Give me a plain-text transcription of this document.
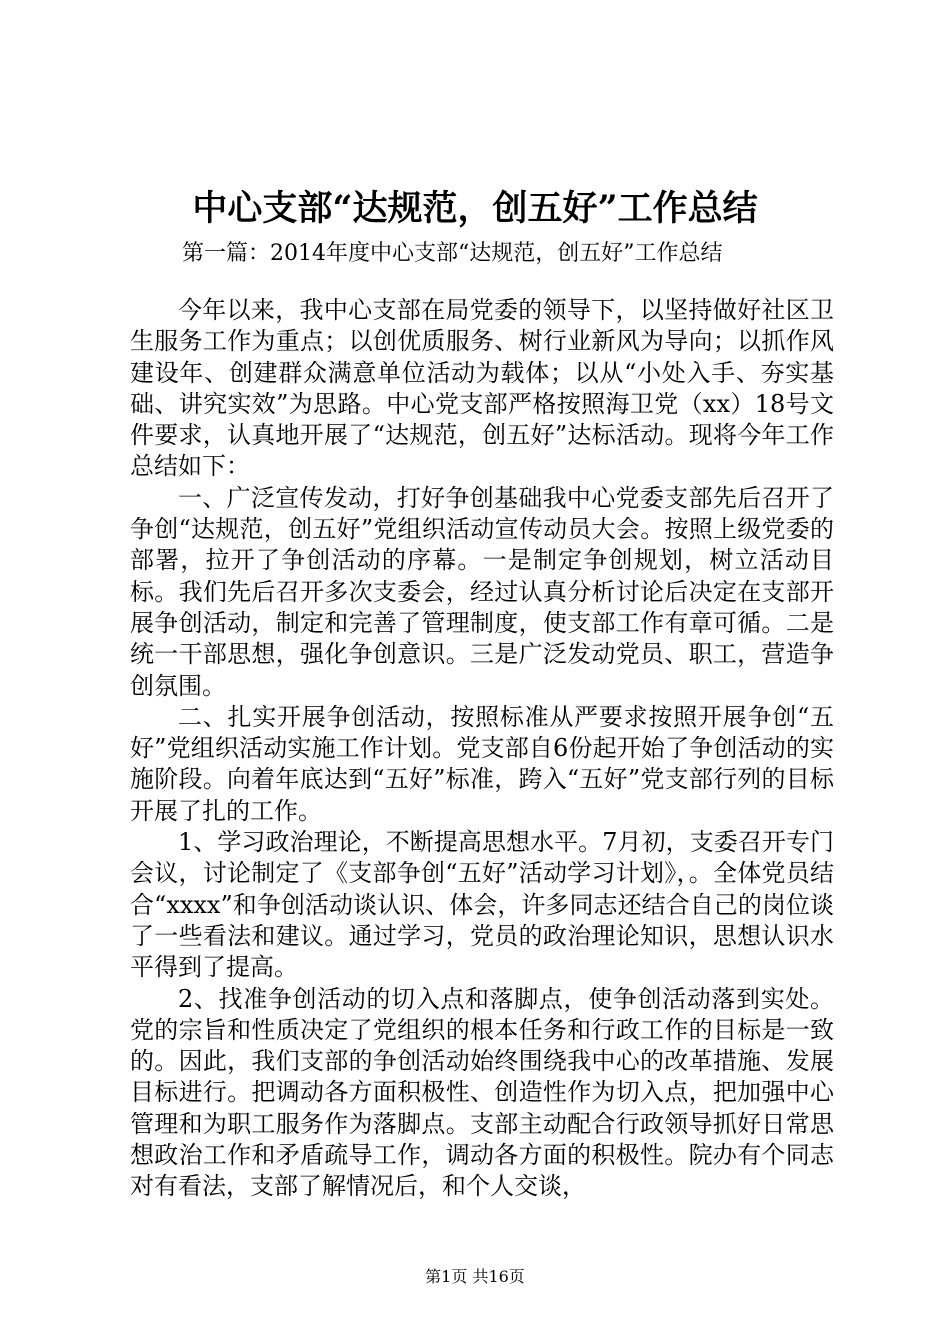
中心支部“达规范，创五好”工作总结
第一篇：2014年度中心支部“达规范，创五好”工作总结

今年以来，我中心支部在局党委的领导下，以坚持做好社区卫生服务工作为重点；以创优质服务、树行业新风为导向；以抓作风建设年、创建群众满意单位活动为载体；以从“小处入手、夯实基础、讲究实效”为思路。中心党支部严格按照海卫党（xx）18号文件要求，认真地开展了“达规范，创五好”达标活动。现将今年工作总结如下：

一、广泛宣传发动，打好争创基础我中心党委支部先后召开了争创“达规范，创五好”党组织活动宣传动员大会。按照上级党委的部署，拉开了争创活动的序幕。一是制定争创规划，树立活动目标。我们先后召开多次支委会，经过认真分析讨论后决定在支部开展争创活动，制定和完善了管理制度，使支部工作有章可循。二是统一干部思想，强化争创意识。三是广泛发动党员、职工，营造争创氛围。

二、扎实开展争创活动，按照标准从严要求按照开展争创“五好”党组织活动实施工作计划。党支部自6份起开始了争创活动的实施阶段。向着年底达到“五好”标准，跨入“五好”党支部行列的目标开展了扎的工作。

1、学习政治理论，不断提高思想水平。7月初，支委召开专门会议，讨论制定了《支部争创“五好”活动学习计划》，。全体党员结合“xxxx”和争创活动谈认识、体会，许多同志还结合自己的岗位谈了一些看法和建议。通过学习，党员的政治理论知识，思想认识水平得到了提高。

2、找准争创活动的切入点和落脚点，使争创活动落到实处。党的宗旨和性质决定了党组织的根本任务和行政工作的目标是一致的。因此，我们支部的争创活动始终围绕我中心的改革措施、发展目标进行。把调动各方面积极性、创造性作为切入点，把加强中心管理和为职工服务作为落脚点。支部主动配合行政领导抓好日常思想政治工作和矛盾疏导工作，调动各方面的积极性。院办有个同志对有看法，支部了解情况后，和个人交谈，

第1页 共16页
